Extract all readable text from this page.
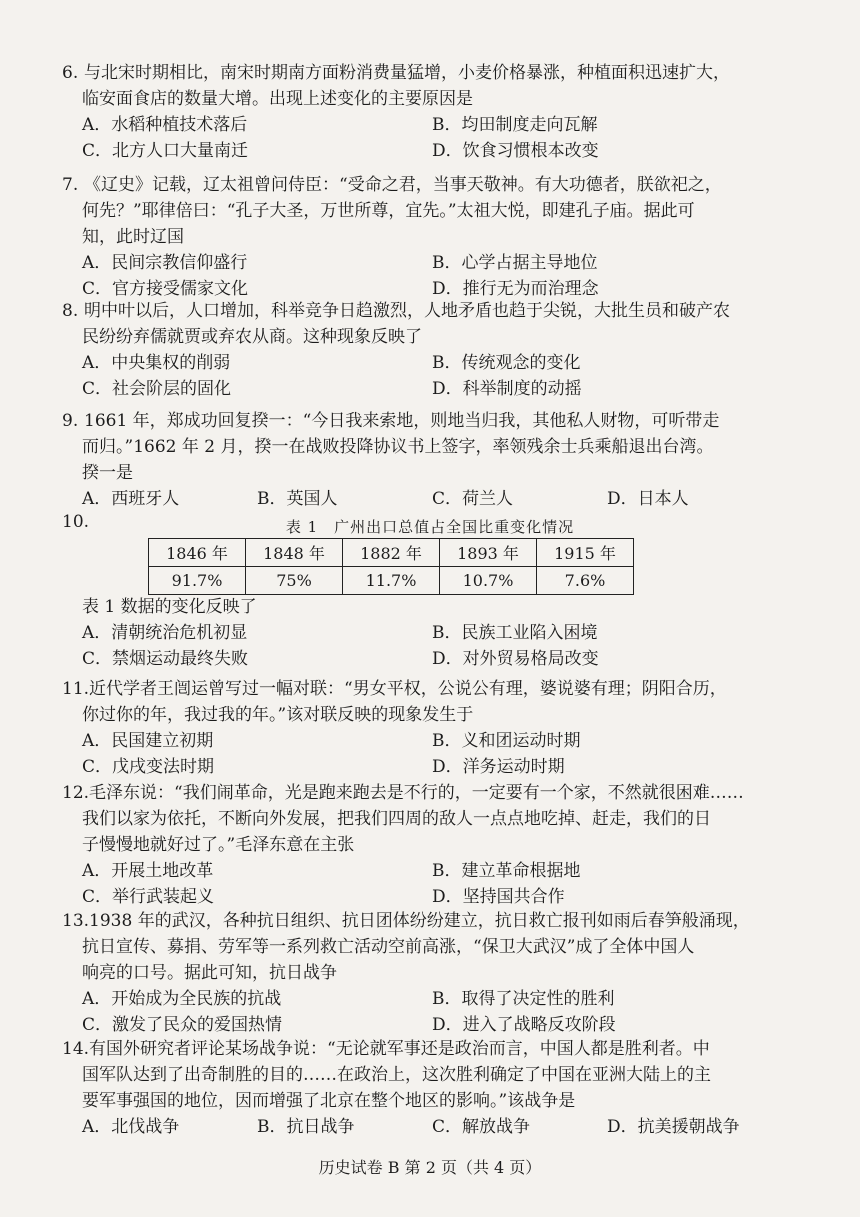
6. 与北宋时期相比，南宋时期南方面粉消费量猛增，小麦价格暴涨，种植面积迅速扩大，
临安面食店的数量大增。出现上述变化的主要原因是

A．水稻种植技术落后	B．均田制度走向瓦解
C．北方人口大量南迁	D．饮食习惯根本改变

7. 《辽史》记载，辽太祖曾问侍臣：“受命之君，当事天敬神。有大功德者，朕欲祀之，
何先？”耶律倍曰：“孔子大圣，万世所尊，宜先。”太祖大悦，即建孔子庙。据此可
知，此时辽国

A．民间宗教信仰盛行	B．心学占据主导地位
C．官方接受儒家文化	D．推行无为而治理念

8. 明中叶以后，人口增加，科举竞争日趋激烈，人地矛盾也趋于尖锐，大批生员和破产农
民纷纷弃儒就贾或弃农从商。这种现象反映了

A．中央集权的削弱	B．传统观念的变化
C．社会阶层的固化	D．科举制度的动摇

9. 1661 年，郑成功回复揆一：“今日我来索地，则地当归我，其他私人财物，可听带走
而归。”1662 年 2 月，揆一在战败投降协议书上签字，率领残余士兵乘船退出台湾。
揆一是

A．西班牙人	B．英国人	C．荷兰人	D．日本人
10.	表 1　广州出口总值占全国比重变化情况
1846 年	1848 年	1882 年	1893 年	1915 年
91.7%	75%	11.7%	10.7%	7.6%

表 1 数据的变化反映了

A．清朝统治危机初显	B．民族工业陷入困境
C．禁烟运动最终失败	D．对外贸易格局改变

11.近代学者王闿运曾写过一幅对联：“男女平权，公说公有理，婆说婆有理；阴阳合历，
你过你的年，我过我的年。”该对联反映的现象发生于

A．民国建立初期	B．义和团运动时期
C．戊戌变法时期	D．洋务运动时期

12.毛泽东说：“我们闹革命，光是跑来跑去是不行的，一定要有一个家，不然就很困难……
我们以家为依托，不断向外发展，把我们四周的敌人一点点地吃掉、赶走，我们的日
子慢慢地就好过了。”毛泽东意在主张

A．开展土地改革	B．建立革命根据地
C．举行武装起义	D．坚持国共合作

13.1938 年的武汉，各种抗日组织、抗日团体纷纷建立，抗日救亡报刊如雨后春笋般涌现，
抗日宣传、募捐、劳军等一系列救亡活动空前高涨，“保卫大武汉”成了全体中国人
响亮的口号。据此可知，抗日战争

A．开始成为全民族的抗战	B．取得了决定性的胜利
C．激发了民众的爱国热情	D．进入了战略反攻阶段

14.有国外研究者评论某场战争说：“无论就军事还是政治而言，中国人都是胜利者。中
国军队达到了出奇制胜的目的……在政治上，这次胜利确定了中国在亚洲大陆上的主
要军事强国的地位，因而增强了北京在整个地区的影响。”该战争是

A．北伐战争	B．抗日战争	C．解放战争	D．抗美援朝战争
历史试卷 B 第 2 页（共 4 页）
